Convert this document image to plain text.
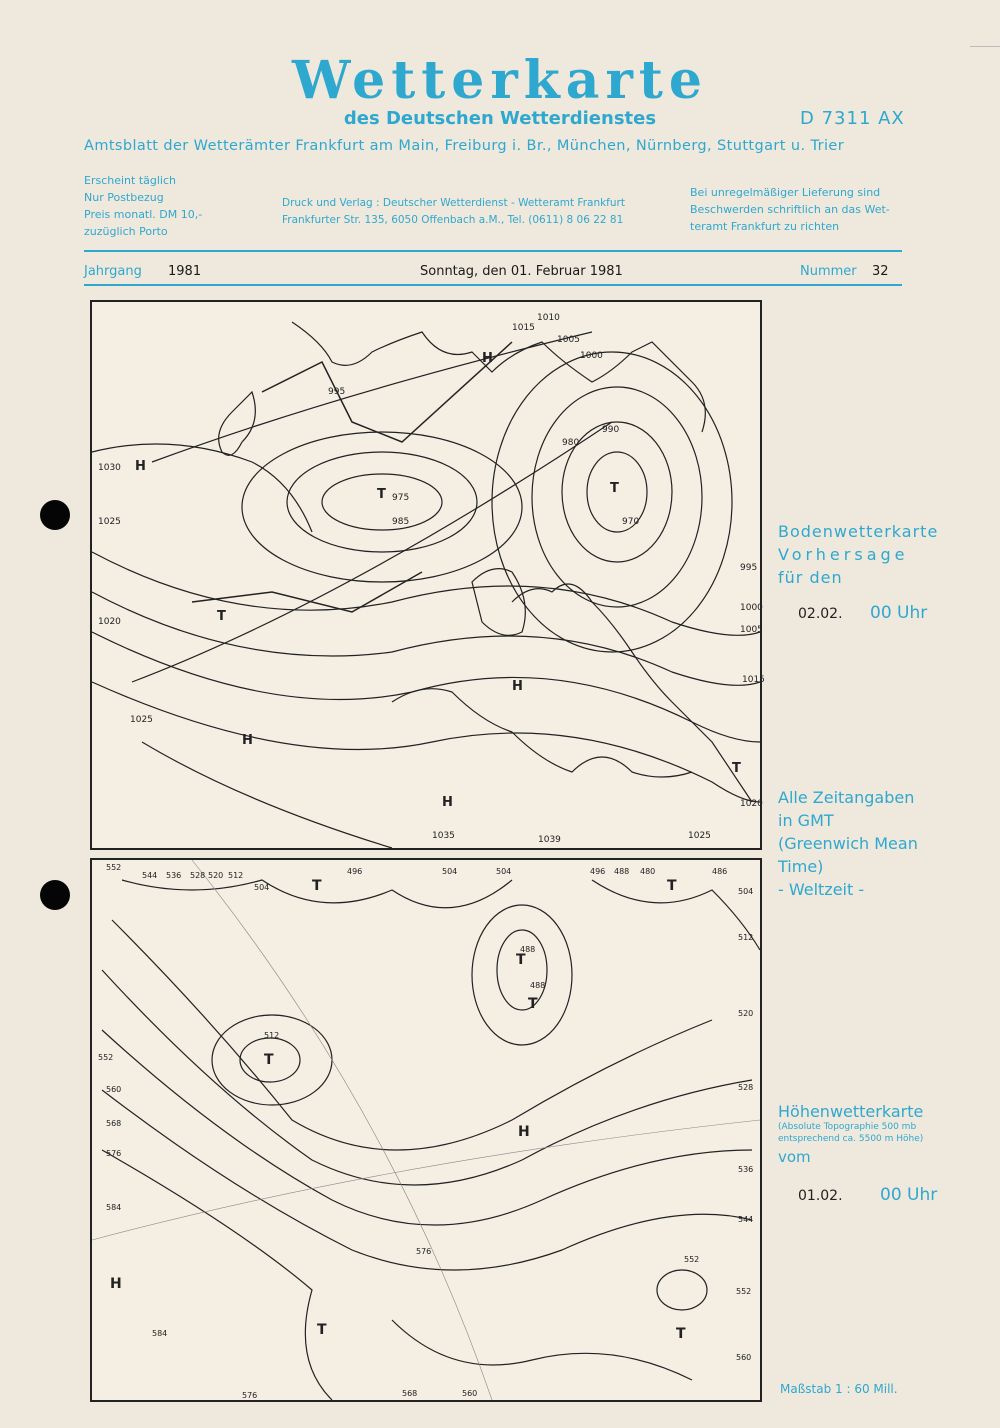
Wetterkarte
des Deutschen Wetterdienstes	D 7311 AX
Amtsblatt der Wetterämter Frankfurt am Main, Freiburg i. Br., München, Nürnberg, Stuttgart u. Trier
Erscheint täglich
Nur Postbezug
Preis monatl. DM 10,-
zuzüglich Porto
Druck und Verlag : Deutscher Wetterdienst - Wetteramt Frankfurt
Frankfurter Str. 135, 6050 Offenbach a.M., Tel. (0611) 8 06 22 81
Bei unregelmäßiger Lieferung sind
Beschwerden schriftlich an das Wet-
teramt Frankfurt zu richten
Jahrgang 1981	Sonntag, den 01. Februar 1981	Nummer 32
1015
1010
1005
1000
995
990
985
980
975
970
1030
1025
1020
1035	1039	1025
1020
1015
1005
1000
995
1025
H
T	T
T
H
H
H
H
T
552
544 536 528 520 512
504
496	504	504	496 488 480	486
504
488
488
512
512
520
528
536
544
552
560
560
568
576
584
552
576
584
576	568	560
552
T	T
T
T
T
H
H
T	T
Bodenwetterkarte
Vorhersage
für den
02.02. 00 Uhr
Alle Zeitangaben
in GMT
(Greenwich Mean
Time)
- Weltzeit -
Höhenwetterkarte
(Absolute Topographie 500 mb
entsprechend ca. 5500 m Höhe)
vom
01.02. 00 Uhr
Maßstab 1 : 60 Mill.
